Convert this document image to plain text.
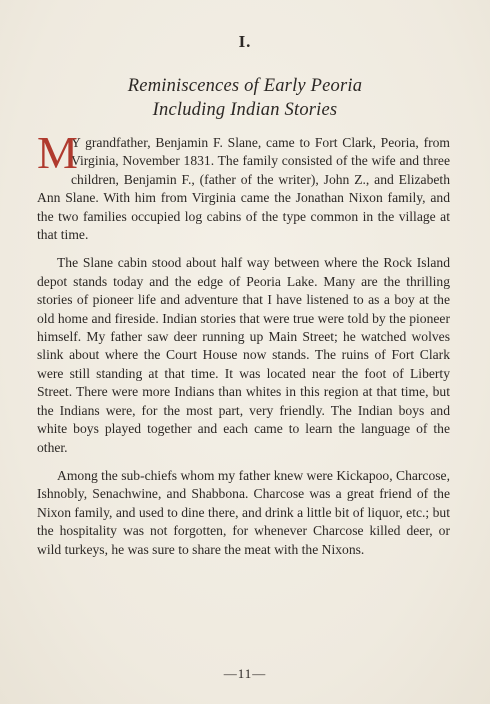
I.
Reminiscences of Early Peoria
Including Indian Stories

M
Y grandfather, Benjamin F. Slane, came to Fort Clark, Peoria, from Virginia, November 1831. The family consisted of the wife and three children, Benjamin F., (father of the writer), John Z., and Elizabeth Ann Slane. With him from Virginia came the Jonathan Nixon family, and the two families occupied log cabins of the type common in the village at that time.

The Slane cabin stood about half way between where the Rock Island depot stands today and the edge of Peoria Lake. Many are the thrilling stories of pioneer life and adventure that I have listened to as a boy at the old home and fireside. Indian stories that were true were told by the pioneer himself. My father saw deer running up Main Street; he watched wolves slink about where the Court House now stands. The ruins of Fort Clark were still standing at that time. It was located near the foot of Liberty Street. There were more Indians than whites in this region at that time, but the Indians were, for the most part, very friendly. The Indian boys and white boys played together and each came to learn the language of the other.

Among the sub-chiefs whom my father knew were Kickapoo, Charcose, Ishnobly, Senachwine, and Shabbona. Charcose was a great friend of the Nixon family, and used to dine there, and drink a little bit of liquor, etc.; but the hospitality was not forgotten, for whenever Charcose killed deer, or wild turkeys, he was sure to share the meat with the Nixons.

—11—
